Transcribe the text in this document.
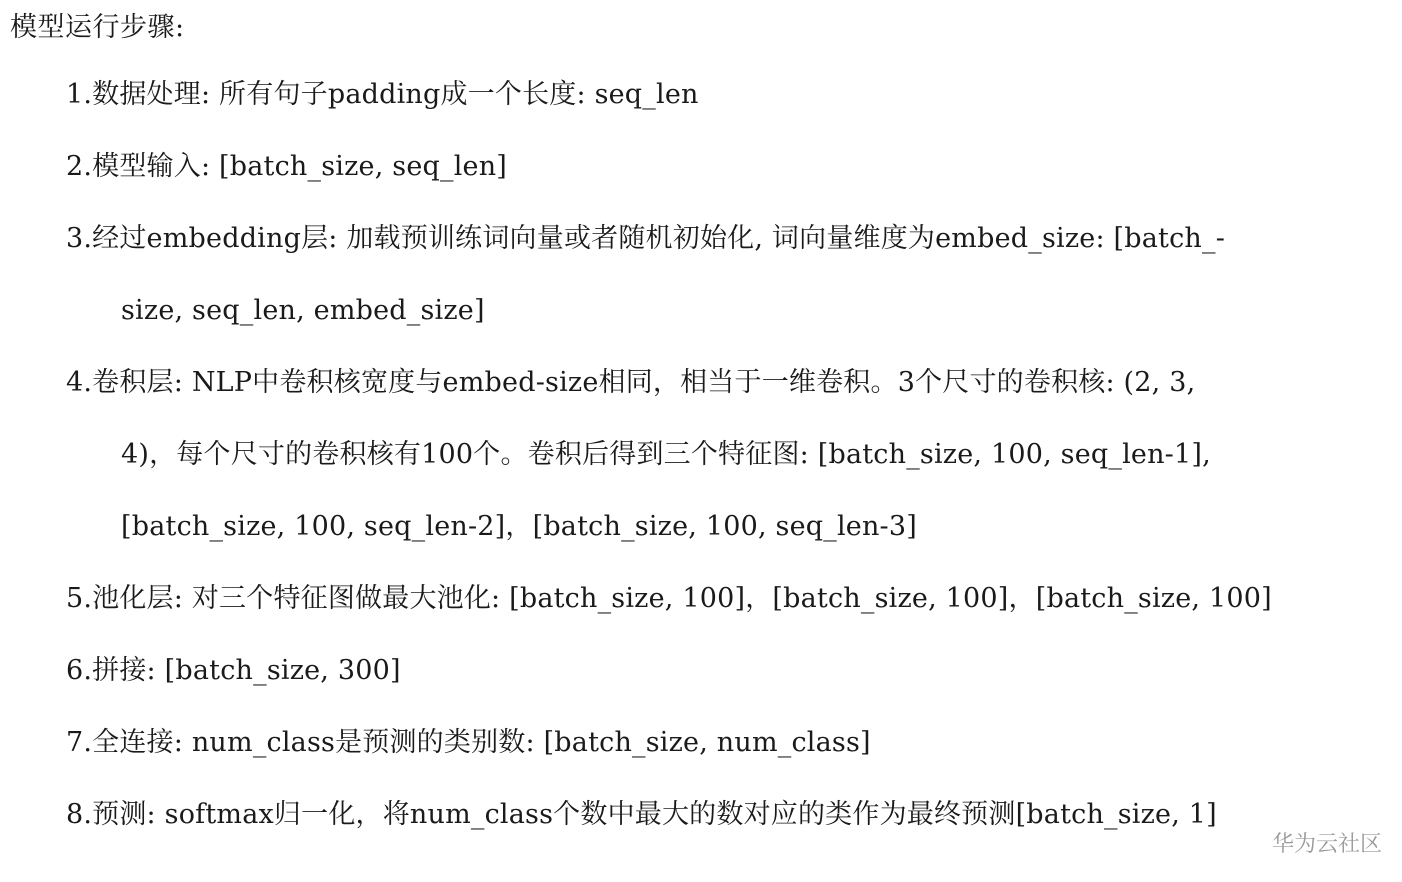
模型运行步骤:
1.数据处理: 所有句子padding成一个长度: seq_len
2.模型输入: [batch_size, seq_len]
3.经过embedding层: 加载预训练词向量或者随机初始化, 词向量维度为embed_size: [batch_-
size, seq_len, embed_size]
4.卷积层: NLP中卷积核宽度与embed-size相同，相当于一维卷积。3个尺寸的卷积核: (2, 3,
4)，每个尺寸的卷积核有100个。卷积后得到三个特征图: [batch_size, 100, seq_len-1],
[batch_size, 100, seq_len-2]，[batch_size, 100, seq_len-3]
5.池化层: 对三个特征图做最大池化: [batch_size, 100]，[batch_size, 100]，[batch_size, 100]
6.拼接: [batch_size, 300]
7.全连接: num_class是预测的类别数: [batch_size, num_class]
8.预测: softmax归一化，将num_class个数中最大的数对应的类作为最终预测[batch_size, 1]
华为云社区
